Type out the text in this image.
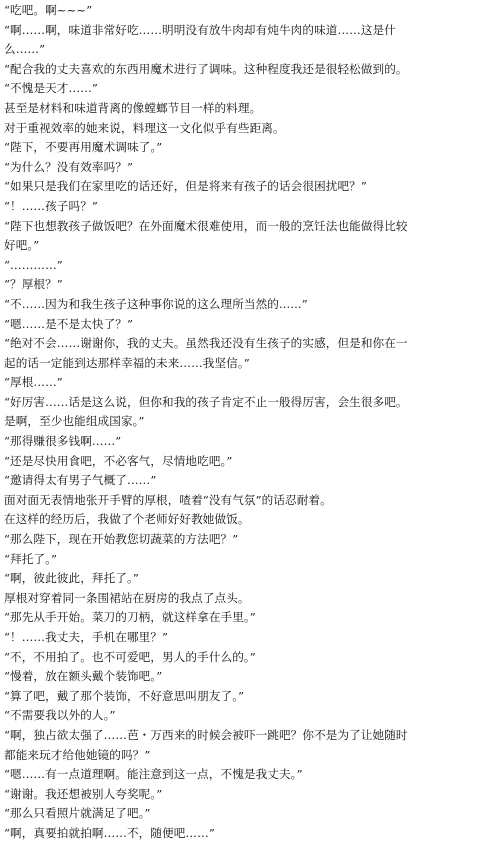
“吃吧。啊~~~”
“啊……啊，味道非常好吃……明明没有放牛肉却有炖牛肉的味道……这是什
么……”
“配合我的丈夫喜欢的东西用魔术进行了调味。这种程度我还是很轻松做到的。
“不愧是天才……”
甚至是材料和味道背离的像螳螂节目一样的料理。
对于重视效率的她来说，料理这一文化似乎有些距离。
“陛下，不要再用魔术调味了。”
“为什么？没有效率吗？”
“如果只是我们在家里吃的话还好，但是将来有孩子的话会很困扰吧？”
“！……孩子吗？”
“陛下也想教孩子做饭吧？在外面魔术很难使用，而一般的烹饪法也能做得比较
好吧。”
“…………”
“？厚根？”
“不……因为和我生孩子这种事你说的这么理所当然的......”
“嗯……是不是太快了？”
“绝对不会……谢谢你，我的丈夫。虽然我还没有生孩子的实感，但是和你在一
起的话一定能到达那样幸福的未来……我坚信。”
“厚根……”
“好厉害……话是这么说，但你和我的孩子肯定不止一般得厉害，会生很多吧。
是啊，至少也能组成国家。”
“那得赚很多钱啊……”
“还是尽快用食吧，不必客气，尽情地吃吧。”
“邀请得太有男子气概了……”
面对面无表情地张开手臂的厚根，喳着“没有气氛”的话忍耐着。
在这样的经历后，我做了个老师好好教她做饭。
“那么陛下，现在开始教您切蔬菜的方法吧？”
“拜托了。”
“啊，彼此彼此，拜托了。”
厚根对穿着同一条围裙站在厨房的我点了点头。
“那先从手开始。菜刀的刀柄，就这样拿在手里。”
“！……我丈夫，手机在哪里？”
“不，不用拍了。也不可爱吧，男人的手什么的。”
“慢着，放在额头戴个装饰吧。”
“算了吧，戴了那个装饰，不好意思叫朋友了。”
“不需要我以外的人。”
“啊，独占欲太强了……芭・万西来的时候会被吓一跳吧？你不是为了让她随时
都能来玩才给他她镜的吗？”
“嗯……有一点道理啊。能注意到这一点，不愧是我丈夫。”
“谢谢。我还想被别人夸奖呢。”
“那么只看照片就满足了吧。”
“啊，真要拍就拍啊……不，随便吧……”
